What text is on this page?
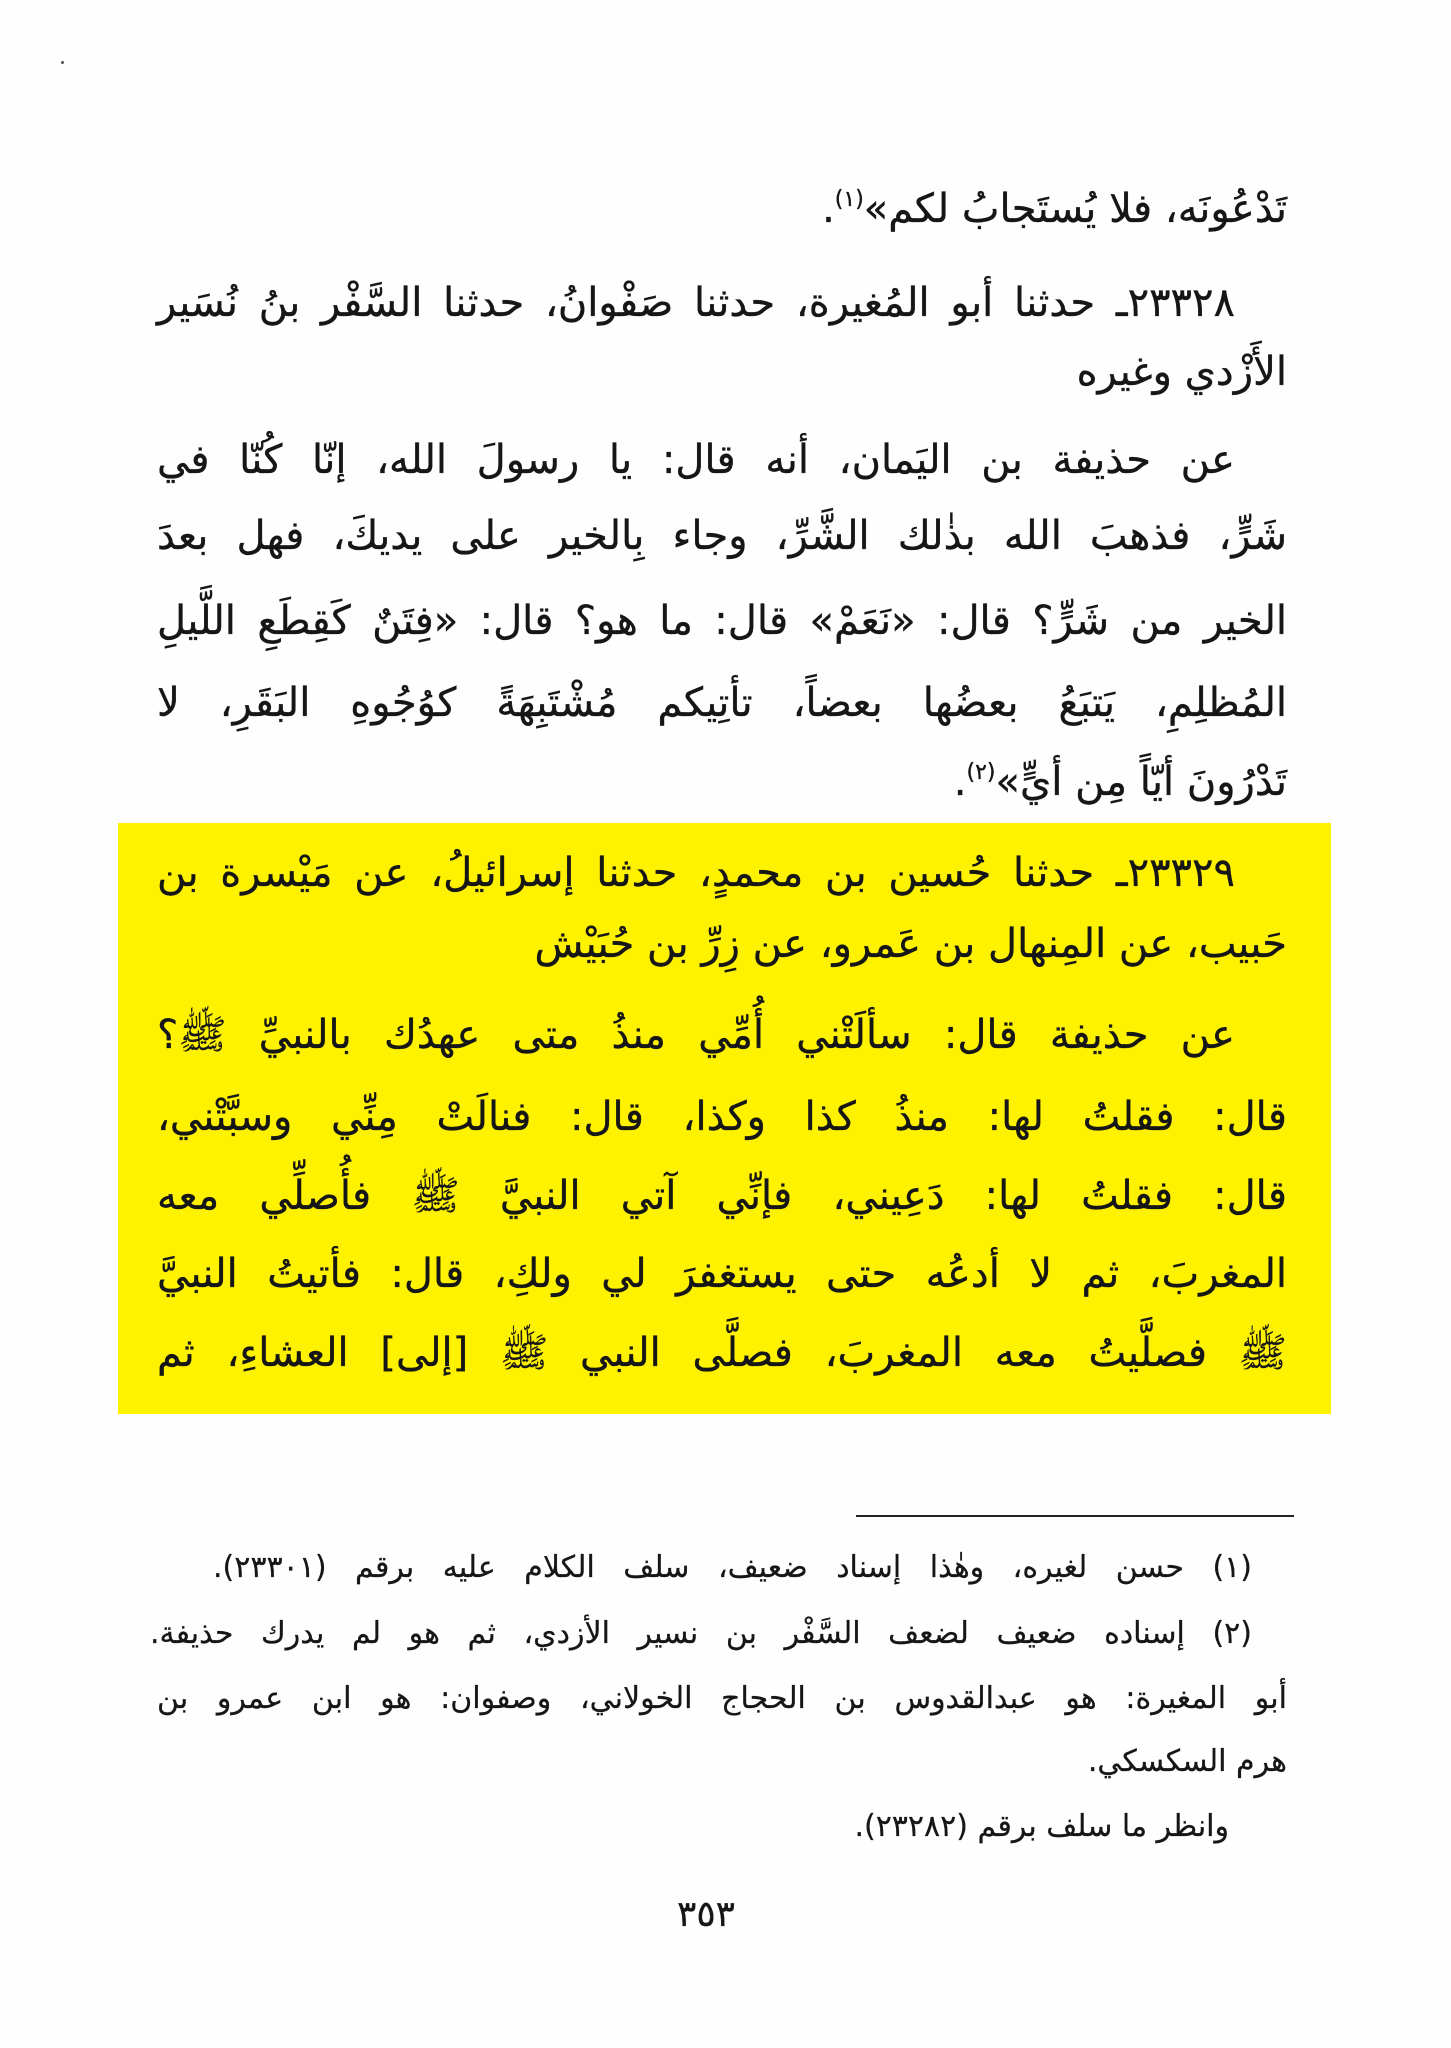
تَدْعُونَه، فلا يُستَجابُ لكم»$^{(١)}$.
٢٣٣٢٨ـ حدثنا أبو المُغيرة، حدثنا صَفْوانُ، حدثنا السَّفْر بنُ نُسَير
الأَزْدي وغيره
عن حذيفة بن اليَمان، أنه قال: يا رسولَ الله، إنّا كُنّا في
شَرٍّ، فذهبَ الله بذٰلك الشَّرِّ، وجاء بِالخير على يديكَ، فهل بعدَ
الخير من شَرٍّ؟ قال: «نَعَمْ» قال: ما هو؟ قال: «فِتَنٌ كَقِطَعِ اللَّيلِ
المُظلِمِ، يَتبَعُ بعضُها بعضاً، تأتِيكم مُشْتَبِهَةً كوُجُوهِ البَقَرِ، لا
تَدْرُونَ أيّاً مِن أيٍّ»$^{(٢)}$.
٢٣٣٢٩ـ حدثنا حُسين بن محمدٍ، حدثنا إسرائيلُ، عن مَيْسرة بن
حَبيب، عن المِنهال بن عَمرو، عن زِرِّ بن حُبَيْش
عن حذيفة قال: سألَتْني أُمِّي منذُ متى عهدُك بالنبيِّ ﷺ؟
قال: فقلتُ لها: منذُ كذا وكذا، قال: فنالَتْ مِنِّي وسبَّتْني،
قال: فقلتُ لها: دَعِيني، فإنِّي آتي النبيَّ ﷺ فأُصلِّي معه
المغربَ، ثم لا أدعُه حتى يستغفرَ لي ولكِ، قال: فأتيتُ النبيَّ
ﷺ فصلَّيتُ معه المغربَ، فصلَّى النبي ﷺ [إلى] العشاءِ، ثم
(١) حسن لغيره، وهٰذا إسناد ضعيف، سلف الكلام عليه برقم (٢٣٣٠١).
(٢) إسناده ضعيف لضعف السَّفْر بن نسير الأزدي، ثم هو لم يدرك حذيفة.
أبو المغيرة: هو عبدالقدوس بن الحجاج الخولاني، وصفوان: هو ابن عمرو بن
هرم السكسكي.
وانظر ما سلف برقم (٢٣٢٨٢).
٣٥٣
